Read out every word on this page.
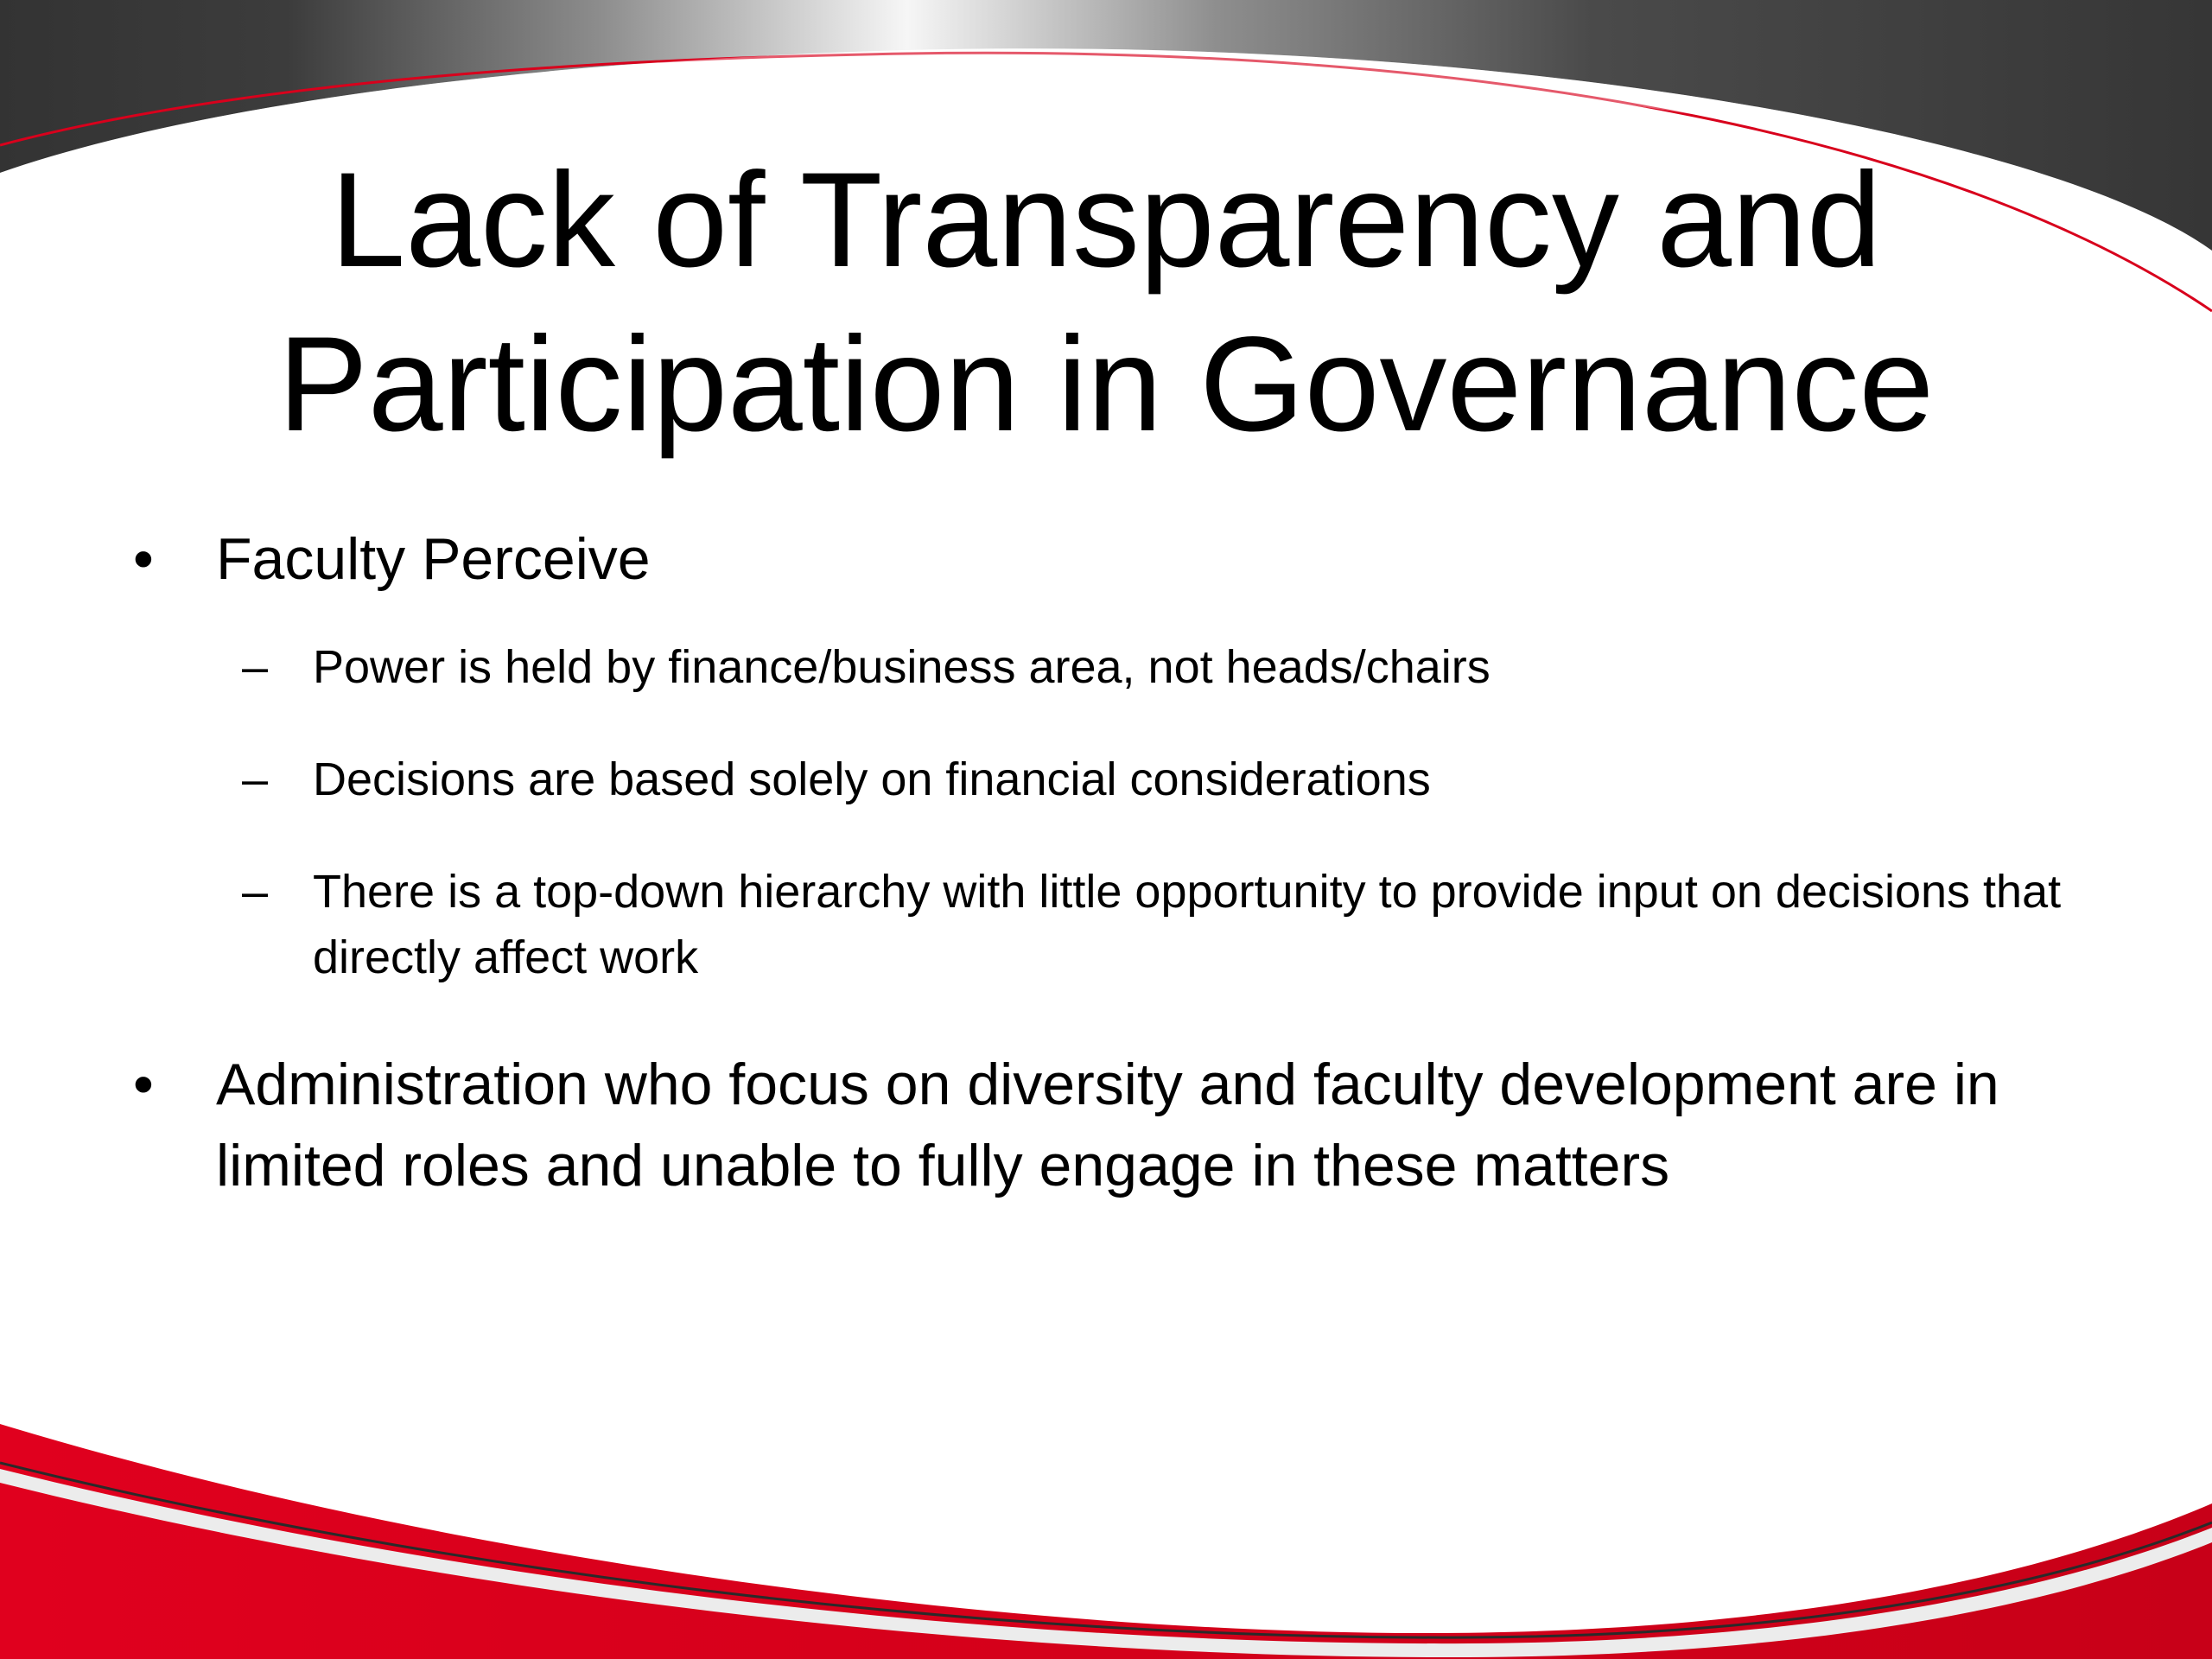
Lack of Transparency and
Participation in Governance
• Faculty Perceive
– Power is held by finance/business area, not heads/chairs
– Decisions are based solely on financial considerations
– There is a top-down hierarchy with little opportunity to provide input on decisions that directly affect work
• Administration who focus on diversity and faculty development are in limited roles and unable to fully engage in these matters
